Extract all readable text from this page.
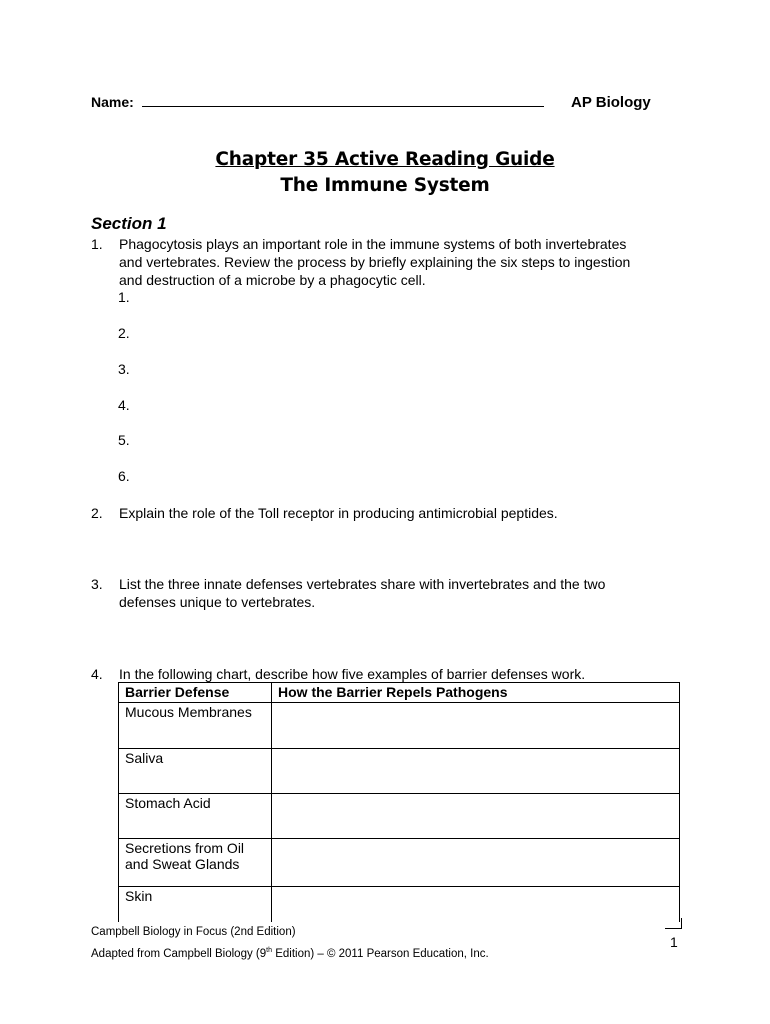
Name:	AP Biology
Chapter 35 Active Reading Guide
The Immune System
Section 1
1. Phagocytosis plays an important role in the immune systems of both invertebrates
and vertebrates. Review the process by briefly explaining the six steps to ingestion
and destruction of a microbe by a phagocytic cell.
1.
2.
3.
4.
5.
6.
2. Explain the role of the Toll receptor in producing antimicrobial peptides.
3. List the three innate defenses vertebrates share with invertebrates and the two
defenses unique to vertebrates.
4. In the following chart, describe how five examples of barrier defenses work.
Barrier Defense	How the Barrier Repels Pathogens
Mucous Membranes	
Saliva	
Stomach Acid	
Secretions from Oil and Sweat Glands	
Skin	
Campbell Biology in Focus (2nd Edition)
Adapted from Campbell Biology (9th Edition) – © 2011 Pearson Education, Inc.
1
